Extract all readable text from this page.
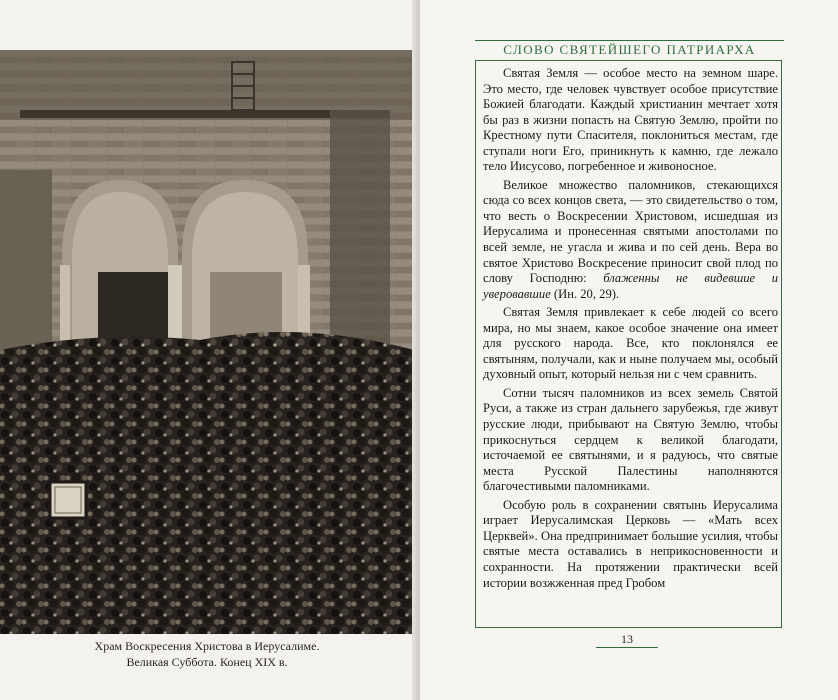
Храм Воскресения Христова в Иерусалиме.
Великая Суббота. Конец XIX в.
СЛОВО СВЯТЕЙШЕГО ПАТРИАРХА

Святая Земля — особое место на земном шаре. Это место, где человек чувствует особое присутствие Божией благодати. Каждый христианин мечтает хотя бы раз в жизни попасть на Святую Землю, пройти по Крестному пути Спасителя, поклониться местам, где ступали ноги Его, приникнуть к камню, где лежало тело Иисусово, погребенное и живоносное.

Великое множество паломников, стекающихся сюда со всех концов света, — это свидетельство о том, что весть о Воскресении Христовом, исшедшая из Иерусалима и пронесенная святыми апостолами по всей земле, не угасла и жива и по сей день. Вера во святое Христово Воскресение приносит свой плод по слову Господню: блаженны не видевшие и уверовавшие (Ин. 20, 29).

Святая Земля привлекает к себе людей со всего мира, но мы знаем, какое особое значение она имеет для русского народа. Все, кто поклонялся ее святыням, получали, как и ныне получаем мы, особый духовный опыт, который нельзя ни с чем сравнить.

Сотни тысяч паломников из всех земель Святой Руси, а также из стран дальнего зарубежья, где живут русские люди, прибывают на Святую Землю, чтобы прикоснуться сердцем к великой благодати, источаемой ее святынями, и я радуюсь, что святые места Русской Палестины наполняются благочестивыми паломниками.

Особую роль в сохранении святынь Иерусалима играет Иерусалимская Церковь — «Мать всех Церквей». Она предпринимает большие усилия, чтобы святые места оставались в неприкосновенности и сохранности. На протяжении практически всей истории возжженная пред Гробом

13
